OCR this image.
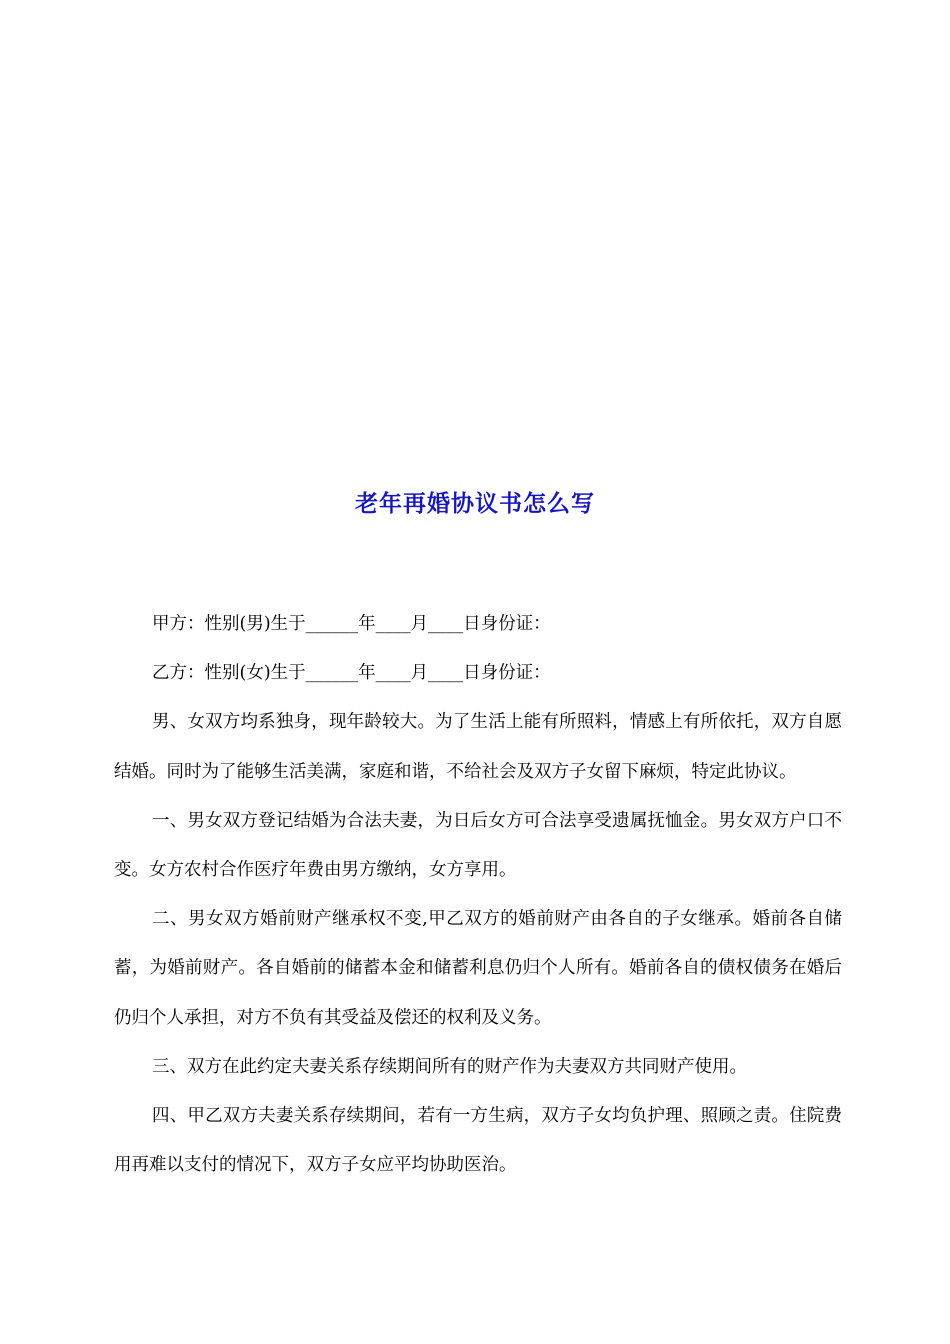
老年再婚协议书怎么写

甲方：性别(男)生于______年____月____日身份证：

乙方：性别(女)生于______年____月____日身份证：

男、女双方均系独身，现年龄较大。为了生活上能有所照料，情感上有所依托，双方自愿结婚。同时为了能够生活美满，家庭和谐，不给社会及双方子女留下麻烦，特定此协议。

一、男女双方登记结婚为合法夫妻，为日后女方可合法享受遗属抚恤金。男女双方户口不变。女方农村合作医疗年费由男方缴纳，女方享用。

二、男女双方婚前财产继承权不变,甲乙双方的婚前财产由各自的子女继承。婚前各自储蓄，为婚前财产。各自婚前的储蓄本金和储蓄利息仍归个人所有。婚前各自的债权债务在婚后仍归个人承担，对方不负有其受益及偿还的权利及义务。

三、双方在此约定夫妻关系存续期间所有的财产作为夫妻双方共同财产使用。

四、甲乙双方夫妻关系存续期间，若有一方生病，双方子女均负护理、照顾之责。住院费用再难以支付的情况下，双方子女应平均协助医治。
